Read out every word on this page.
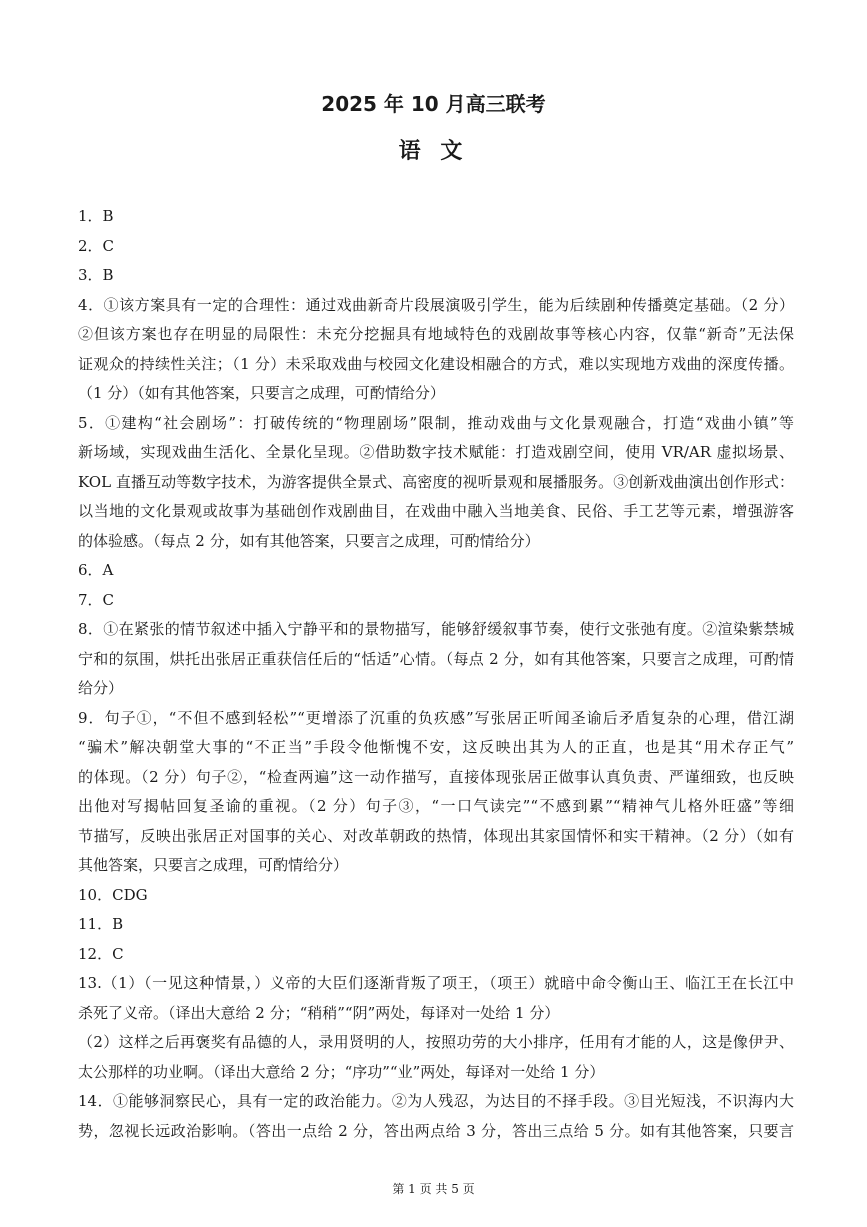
2025 年 10 月高三联考
语 文
1．B
2．C
3．B
4．①该方案具有一定的合理性：通过戏曲新奇片段展演吸引学生，能为后续剧种传播奠定基础。（2 分）
②但该方案也存在明显的局限性：未充分挖掘具有地域特色的戏剧故事等核心内容，仅靠“新奇”无法保
证观众的持续性关注；（1 分）未采取戏曲与校园文化建设相融合的方式，难以实现地方戏曲的深度传播。
（1 分）（如有其他答案，只要言之成理，可酌情给分）
5．①建构“社会剧场”：打破传统的“物理剧场”限制，推动戏曲与文化景观融合，打造“戏曲小镇”等
新场域，实现戏曲生活化、全景化呈现。②借助数字技术赋能：打造戏剧空间，使用 VR/AR 虚拟场景、
KOL 直播互动等数字技术，为游客提供全景式、高密度的视听景观和展播服务。③创新戏曲演出创作形式：
以当地的文化景观或故事为基础创作戏剧曲目，在戏曲中融入当地美食、民俗、手工艺等元素，增强游客
的体验感。（每点 2 分，如有其他答案，只要言之成理，可酌情给分）
6．A
7．C
8．①在紧张的情节叙述中插入宁静平和的景物描写，能够舒缓叙事节奏，使行文张弛有度。②渲染紫禁城
宁和的氛围，烘托出张居正重获信任后的“恬适”心情。（每点 2 分，如有其他答案，只要言之成理，可酌情
给分）
9．句子①，“不但不感到轻松”“更增添了沉重的负疚感”写张居正听闻圣谕后矛盾复杂的心理，借江湖
“骗术”解决朝堂大事的“不正当”手段令他惭愧不安，这反映出其为人的正直，也是其“用术存正气”
的体现。（2 分）句子②，“检查两遍”这一动作描写，直接体现张居正做事认真负责、严谨细致，也反映
出他对写揭帖回复圣谕的重视。（2 分）句子③，“一口气读完”“不感到累”“精神气儿格外旺盛”等细
节描写，反映出张居正对国事的关心、对改革朝政的热情，体现出其家国情怀和实干精神。（2 分）（如有
其他答案，只要言之成理，可酌情给分）
10．CDG
11．B
12．C
13.（1）（一见这种情景，）义帝的大臣们逐渐背叛了项王，（项王）就暗中命令衡山王、临江王在长江中
杀死了义帝。（译出大意给 2 分；“稍稍”“阴”两处，每译对一处给 1 分）
（2）这样之后再褒奖有品德的人，录用贤明的人，按照功劳的大小排序，任用有才能的人，这是像伊尹、
太公那样的功业啊。（译出大意给 2 分；“序功”“业”两处，每译对一处给 1 分）
14．①能够洞察民心，具有一定的政治能力。②为人残忍，为达目的不择手段。③目光短浅，不识海内大
势，忽视长远政治影响。（答出一点给 2 分，答出两点给 3 分，答出三点给 5 分。如有其他答案，只要言
第 1 页 共 5 页
